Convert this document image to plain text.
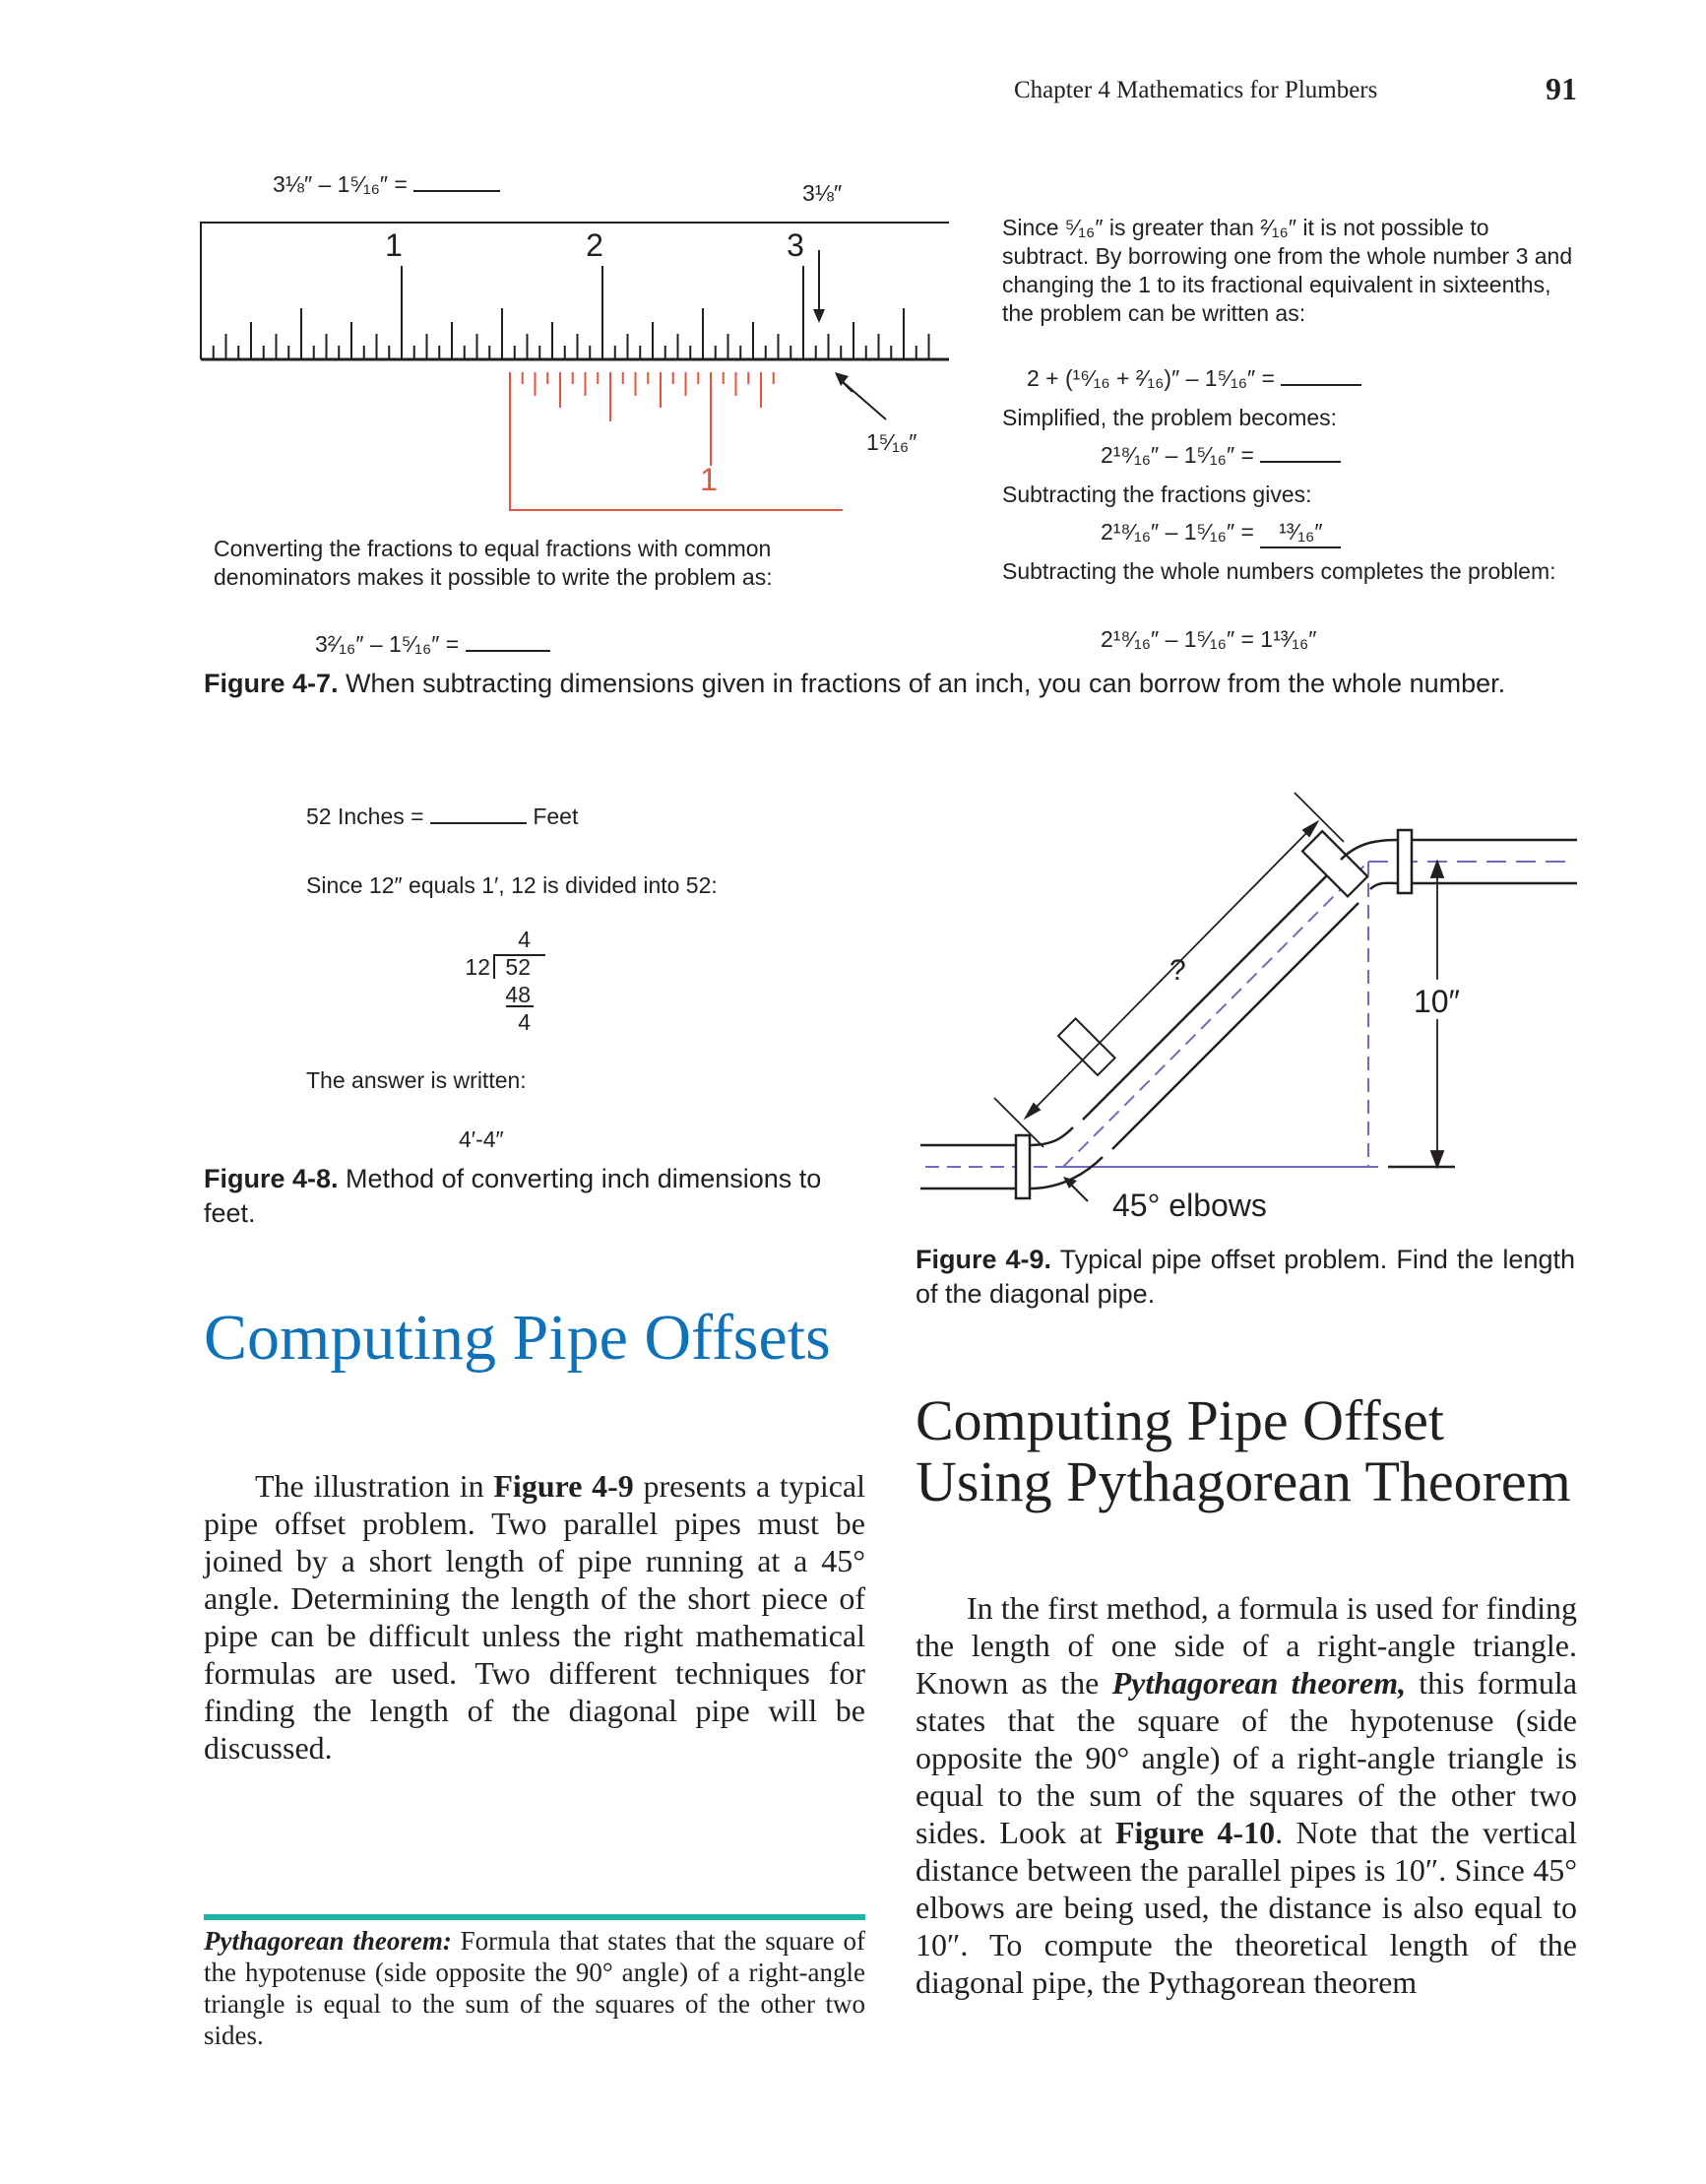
Chapter 4 Mathematics for Plumbers	91
3⅛″ – 1⁵⁄₁₆″ =	3⅛″
1	2	3
1
1⁵⁄₁₆″
Converting the fractions to equal fractions with common denominators makes it possible to write the problem as:
3²⁄₁₆″ – 1⁵⁄₁₆″ =
Since ⁵⁄₁₆″ is greater than ²⁄₁₆″ it is not possible to subtract. By borrowing one from the whole number 3 and changing the 1 to its fractional equivalent in sixteenths, the problem can be written as:
2 + (¹⁶⁄₁₆ + ²⁄₁₆)″ – 1⁵⁄₁₆″ =
Simplified, the problem becomes:
2¹⁸⁄₁₆″ – 1⁵⁄₁₆″ =
Subtracting the fractions gives:
2¹⁸⁄₁₆″ – 1⁵⁄₁₆″ = ¹³⁄₁₆″
Subtracting the whole numbers completes the problem:
2¹⁸⁄₁₆″ – 1⁵⁄₁₆″ = 1¹³⁄₁₆″
Figure 4-7. When subtracting dimensions given in fractions of an inch, you can borrow from the whole number.
52 Inches =	Feet
Since 12″ equals 1′, 12 is divided into 52:
4
12 52
48
4
The answer is written:
4′-4″
Figure 4-8. Method of converting inch dimensions to feet.
?
10″
45° elbows
Figure 4-9. Typical pipe offset problem. Find the length of the diagonal pipe.
Computing Pipe Offsets
The illustration in Figure 4-9 presents a typical pipe offset problem. Two parallel pipes must be joined by a short length of pipe running at a 45° angle. Determining the length of the short piece of pipe can be difficult unless the right mathematical formulas are used. Two different techniques for finding the length of the diagonal pipe will be discussed.
Pythagorean theorem: Formula that states that the square of the hypotenuse (side opposite the 90° angle) of a right-angle triangle is equal to the sum of the squares of the other two sides.
Computing Pipe Offset Using Pythagorean Theorem
In the first method, a formula is used for finding the length of one side of a right-angle triangle. Known as the Pythagorean theorem, this formula states that the square of the hypotenuse (side opposite the 90° angle) of a right-angle triangle is equal to the sum of the squares of the other two sides. Look at Figure 4-10. Note that the vertical distance between the parallel pipes is 10″. Since 45° elbows are being used, the distance is also equal to 10″. To compute the theoretical length of the diagonal pipe, the Pythagorean theorem
